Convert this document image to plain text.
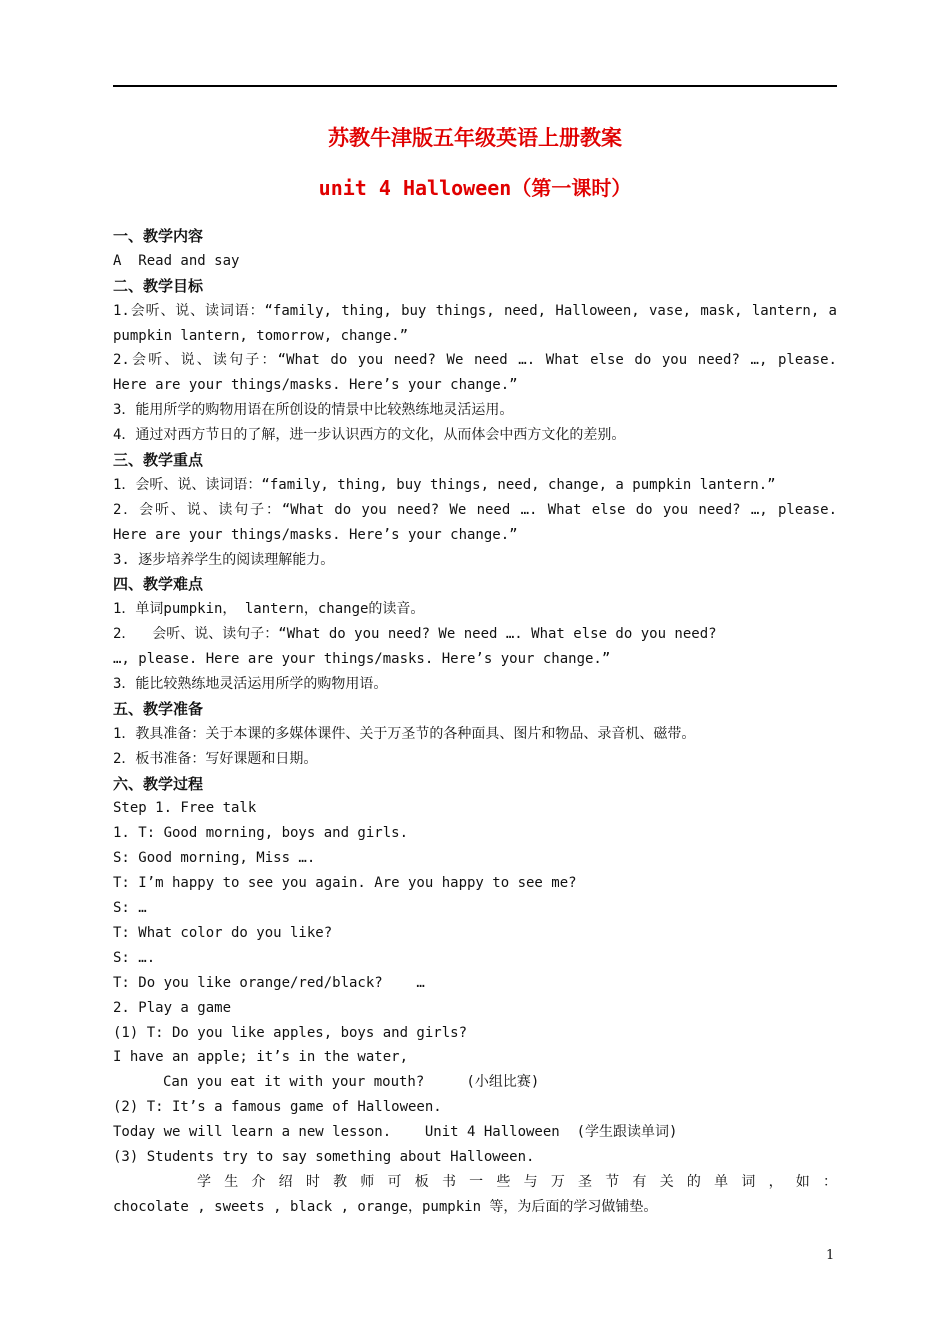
苏教牛津版五年级英语上册教案
unit 4 Halloween（第一课时）
一、教学内容
A  Read and say
二、教学目标
1.会听、说、读词语：“family, thing, buy things, need, Halloween, vase, mask, lantern, a
pumpkin lantern, tomorrow, change.”
2.会听、说、读句子：“What do you need? We need …. What else do you need? …, please.
Here are your things/masks. Here’s your change.”
3．能用所学的购物用语在所创设的情景中比较熟练地灵活运用。
4．通过对西方节日的了解，进一步认识西方的文化，从而体会中西方文化的差别。
三、教学重点
1．会听、说、读词语：“family, thing, buy things, need, change, a pumpkin lantern.”
2．会听、说、读句子：“What do you need? We need …. What else do you need? …, please.
Here are your things/masks. Here’s your change.”
3. 逐步培养学生的阅读理解能力。
四、教学难点
1．单词pumpkin， lantern，change的读音。
2．  会听、说、读句子：“What do you need? We need …. What else do you need?
…, please. Here are your things/masks. Here’s your change.”
3．能比较熟练地灵活运用所学的购物用语。
五、教学准备
1．教具准备：关于本课的多媒体课件、关于万圣节的各种面具、图片和物品、录音机、磁带。
2．板书准备：写好课题和日期。
六、教学过程
Step 1. Free talk
1. T: Good morning, boys and girls.
S: Good morning, Miss ….
T: I’m happy to see you again. Are you happy to see me?
S: …
T: What color do you like?
S: ….
T: Do you like orange/red/black?    …
2. Play a game
(1) T: Do you like apples, boys and girls?
I have an apple; it’s in the water,
Can you eat it with your mouth?     (小组比赛)
(2) T: It’s a famous game of Halloween.
Today we will learn a new lesson.    Unit 4 Halloween  (学生跟读单词)
(3) Students try to say something about Halloween.
学 生 介 绍 时 教 师 可 板 书 一 些 与 万 圣 节 有 关 的 单 词 ， 如 ：
chocolate , sweets , black , orange，pumpkin 等，为后面的学习做铺垫。
1
